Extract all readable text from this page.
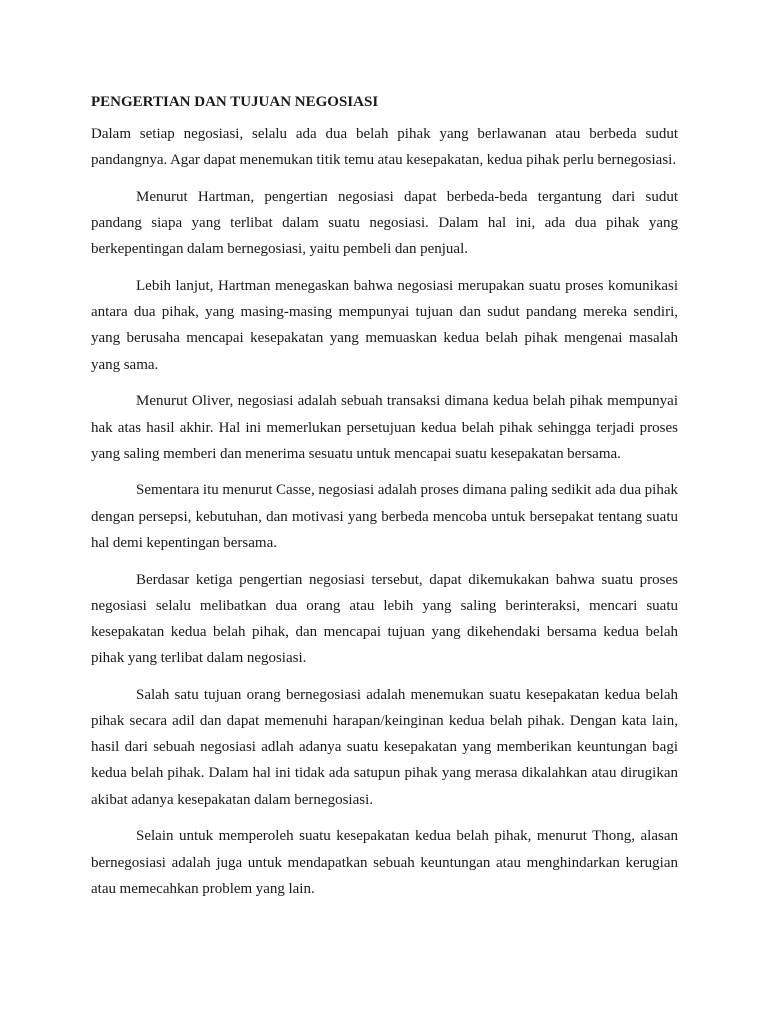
PENGERTIAN DAN TUJUAN NEGOSIASI

Dalam setiap negosiasi, selalu ada dua belah pihak yang berlawanan atau berbeda sudut pandangnya. Agar dapat menemukan titik temu atau kesepakatan, kedua pihak perlu bernegosiasi.

Menurut Hartman, pengertian negosiasi dapat berbeda-beda tergantung dari sudut pandang siapa yang terlibat dalam suatu negosiasi. Dalam hal ini, ada dua pihak yang berkepentingan dalam bernegosiasi, yaitu pembeli dan penjual.

Lebih lanjut, Hartman menegaskan bahwa negosiasi merupakan suatu proses komunikasi antara dua pihak, yang masing-masing mempunyai tujuan dan sudut pandang mereka sendiri, yang berusaha mencapai kesepakatan yang memuaskan kedua belah pihak mengenai masalah yang sama.

Menurut Oliver, negosiasi adalah sebuah transaksi dimana kedua belah pihak mempunyai hak atas hasil akhir. Hal ini memerlukan persetujuan kedua belah pihak sehingga terjadi proses yang saling memberi dan menerima sesuatu untuk mencapai suatu kesepakatan bersama.

Sementara itu menurut Casse, negosiasi adalah proses dimana paling sedikit ada dua pihak dengan persepsi, kebutuhan, dan motivasi yang berbeda mencoba untuk bersepakat tentang suatu hal demi kepentingan bersama.

Berdasar ketiga pengertian negosiasi tersebut, dapat dikemukakan bahwa suatu proses negosiasi selalu melibatkan dua orang atau lebih yang saling berinteraksi, mencari suatu kesepakatan kedua belah pihak, dan mencapai tujuan yang dikehendaki bersama kedua belah pihak yang terlibat dalam negosiasi.

Salah satu tujuan orang bernegosiasi adalah menemukan suatu kesepakatan kedua belah pihak secara adil dan dapat memenuhi harapan/keinginan kedua belah pihak. Dengan kata lain, hasil dari sebuah negosiasi adlah adanya suatu kesepakatan yang memberikan keuntungan bagi kedua belah pihak. Dalam hal ini tidak ada satupun pihak yang merasa dikalahkan atau dirugikan akibat adanya kesepakatan dalam bernegosiasi.

Selain untuk memperoleh suatu kesepakatan kedua belah pihak, menurut Thong, alasan bernegosiasi adalah juga untuk mendapatkan sebuah keuntungan atau menghindarkan kerugian atau memecahkan problem yang lain.
